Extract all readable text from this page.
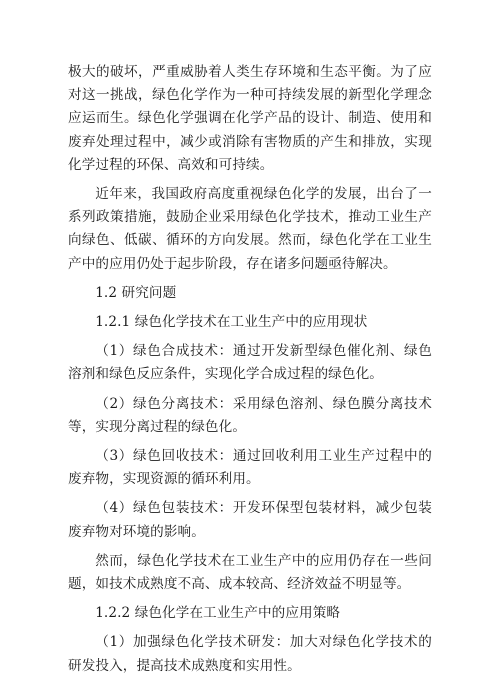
极大的破坏，严重威胁着人类生存环境和生态平衡。为了应对这一挑战，绿色化学作为一种可持续发展的新型化学理念应运而生。绿色化学强调在化学产品的设计、制造、使用和废弃处理过程中，减少或消除有害物质的产生和排放，实现化学过程的环保、高效和可持续。

近年来，我国政府高度重视绿色化学的发展，出台了一系列政策措施，鼓励企业采用绿色化学技术，推动工业生产向绿色、低碳、循环的方向发展。然而，绿色化学在工业生产中的应用仍处于起步阶段，存在诸多问题亟待解决。

1.2 研究问题

1.2.1 绿色化学技术在工业生产中的应用现状

（1）绿色合成技术：通过开发新型绿色催化剂、绿色溶剂和绿色反应条件，实现化学合成过程的绿色化。

（2）绿色分离技术：采用绿色溶剂、绿色膜分离技术等，实现分离过程的绿色化。

（3）绿色回收技术：通过回收利用工业生产过程中的废弃物，实现资源的循环利用。

（4）绿色包装技术：开发环保型包装材料，减少包装废弃物对环境的影响。

然而，绿色化学技术在工业生产中的应用仍存在一些问题，如技术成熟度不高、成本较高、经济效益不明显等。

1.2.2 绿色化学在工业生产中的应用策略

（1）加强绿色化学技术研发：加大对绿色化学技术的研发投入，提高技术成熟度和实用性。
